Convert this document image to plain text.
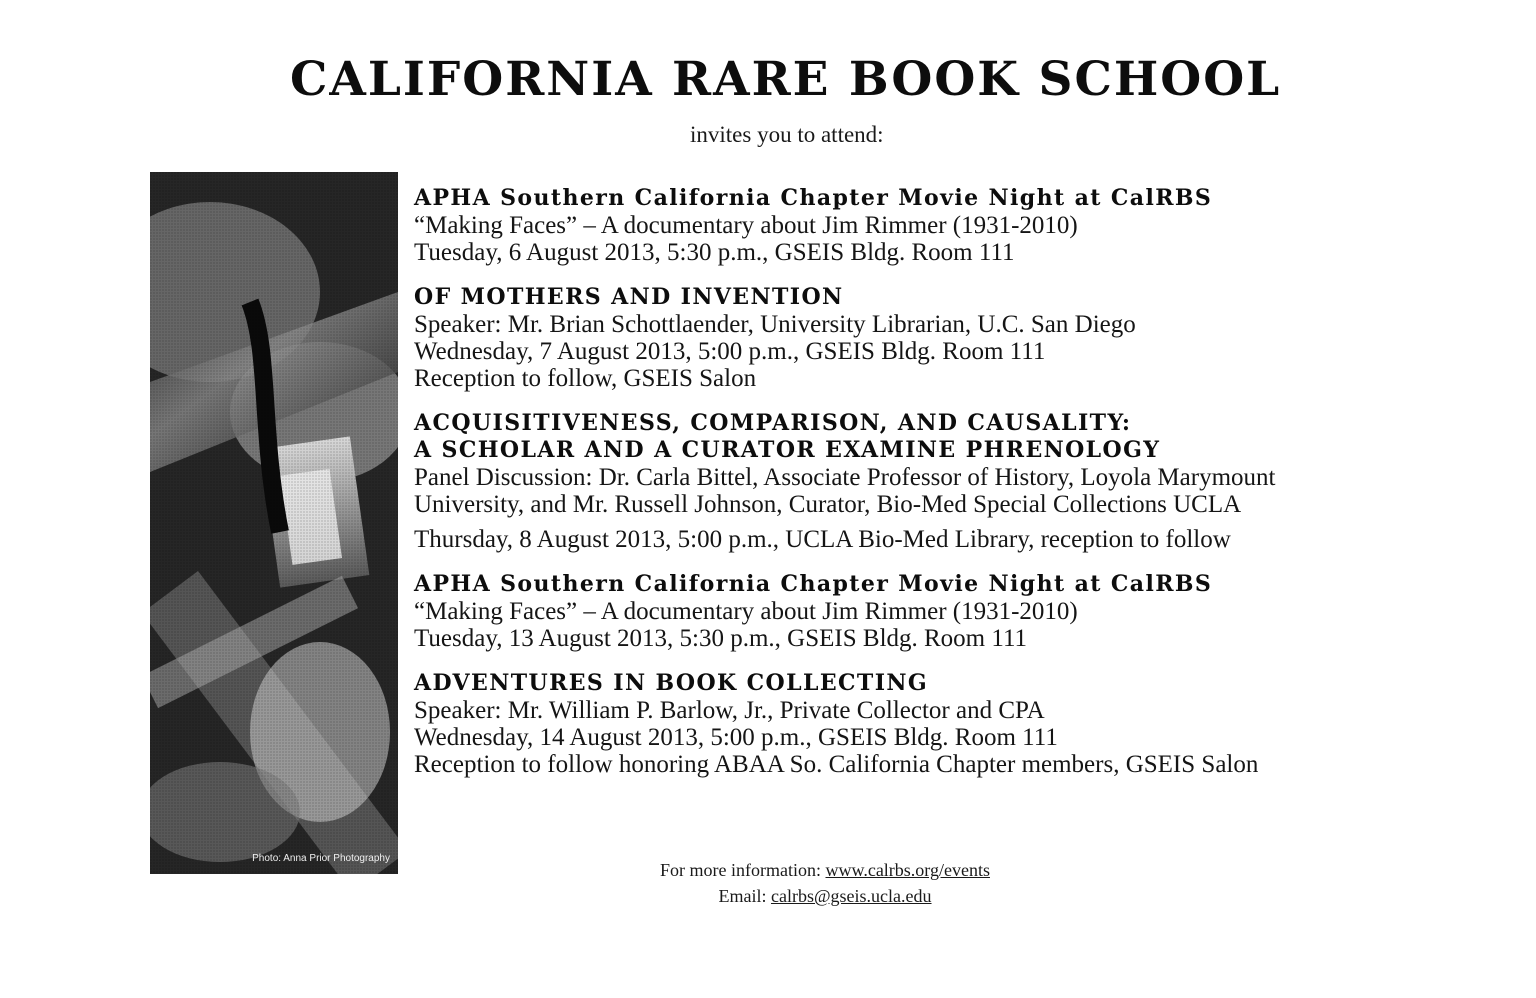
CALIFORNIA RARE BOOK SCHOOL
invites you to attend:
Photo: Anna Prior Photography
APHA Southern California Chapter Movie Night at CalRBS
“Making Faces” – A documentary about Jim Rimmer (1931-2010)
Tuesday, 6 August 2013, 5:30 p.m., GSEIS Bldg. Room 111
OF MOTHERS AND INVENTION
Speaker: Mr. Brian Schottlaender, University Librarian, U.C. San Diego
Wednesday, 7 August 2013, 5:00 p.m., GSEIS Bldg. Room 111
Reception to follow, GSEIS Salon
ACQUISITIVENESS, COMPARISON, AND CAUSALITY:
A SCHOLAR AND A CURATOR EXAMINE PHRENOLOGY
Panel Discussion: Dr. Carla Bittel, Associate Professor of History, Loyola Marymount
University, and Mr. Russell Johnson, Curator, Bio-Med Special Collections UCLA
Thursday, 8 August 2013, 5:00 p.m., UCLA Bio-Med Library, reception to follow
APHA Southern California Chapter Movie Night at CalRBS
“Making Faces” – A documentary about Jim Rimmer (1931-2010)
Tuesday, 13 August 2013, 5:30 p.m., GSEIS Bldg. Room 111
ADVENTURES IN BOOK COLLECTING
Speaker: Mr. William P. Barlow, Jr., Private Collector and CPA
Wednesday, 14 August 2013, 5:00 p.m., GSEIS Bldg. Room 111
Reception to follow honoring ABAA So. California Chapter members, GSEIS Salon
For more information: www.calrbs.org/events
Email: calrbs@gseis.ucla.edu
